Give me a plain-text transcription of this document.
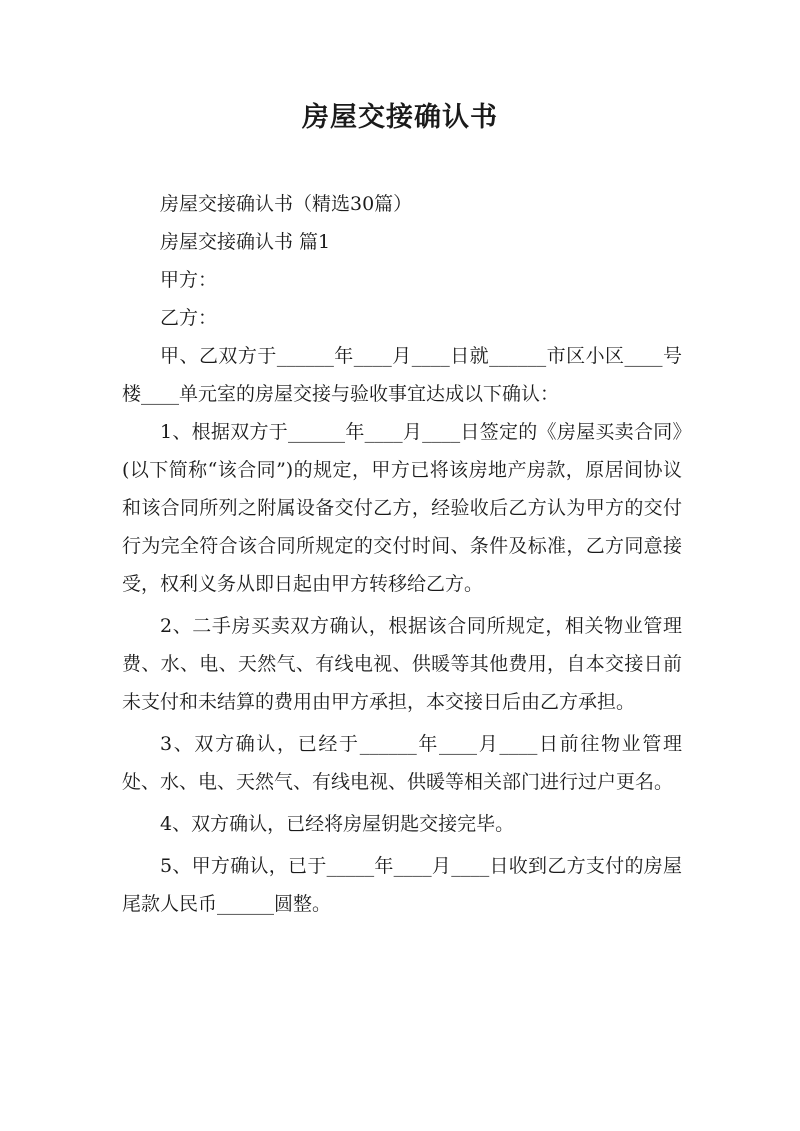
房屋交接确认书

房屋交接确认书（精选30篇）

房屋交接确认书 篇1

甲方：

乙方：

甲、乙双方于______年____月____日就______市区小区____号楼____单元室的房屋交接与验收事宜达成以下确认：

1、根据双方于______年____月____日签定的《房屋买卖合同》(以下简称“该合同”)的规定，甲方已将该房地产房款，原居间协议和该合同所列之附属设备交付乙方，经验收后乙方认为甲方的交付行为完全符合该合同所规定的交付时间、条件及标准，乙方同意接受，权利义务从即日起由甲方转移给乙方。

2、二手房买卖双方确认，根据该合同所规定，相关物业管理费、水、电、天然气、有线电视、供暖等其他费用，自本交接日前未支付和未结算的费用由甲方承担，本交接日后由乙方承担。

3、双方确认，已经于______年____月____日前往物业管理处、水、电、天然气、有线电视、供暖等相关部门进行过户更名。

4、双方确认，已经将房屋钥匙交接完毕。

5、甲方确认，已于_____年____月____日收到乙方支付的房屋尾款人民币______圆整。
